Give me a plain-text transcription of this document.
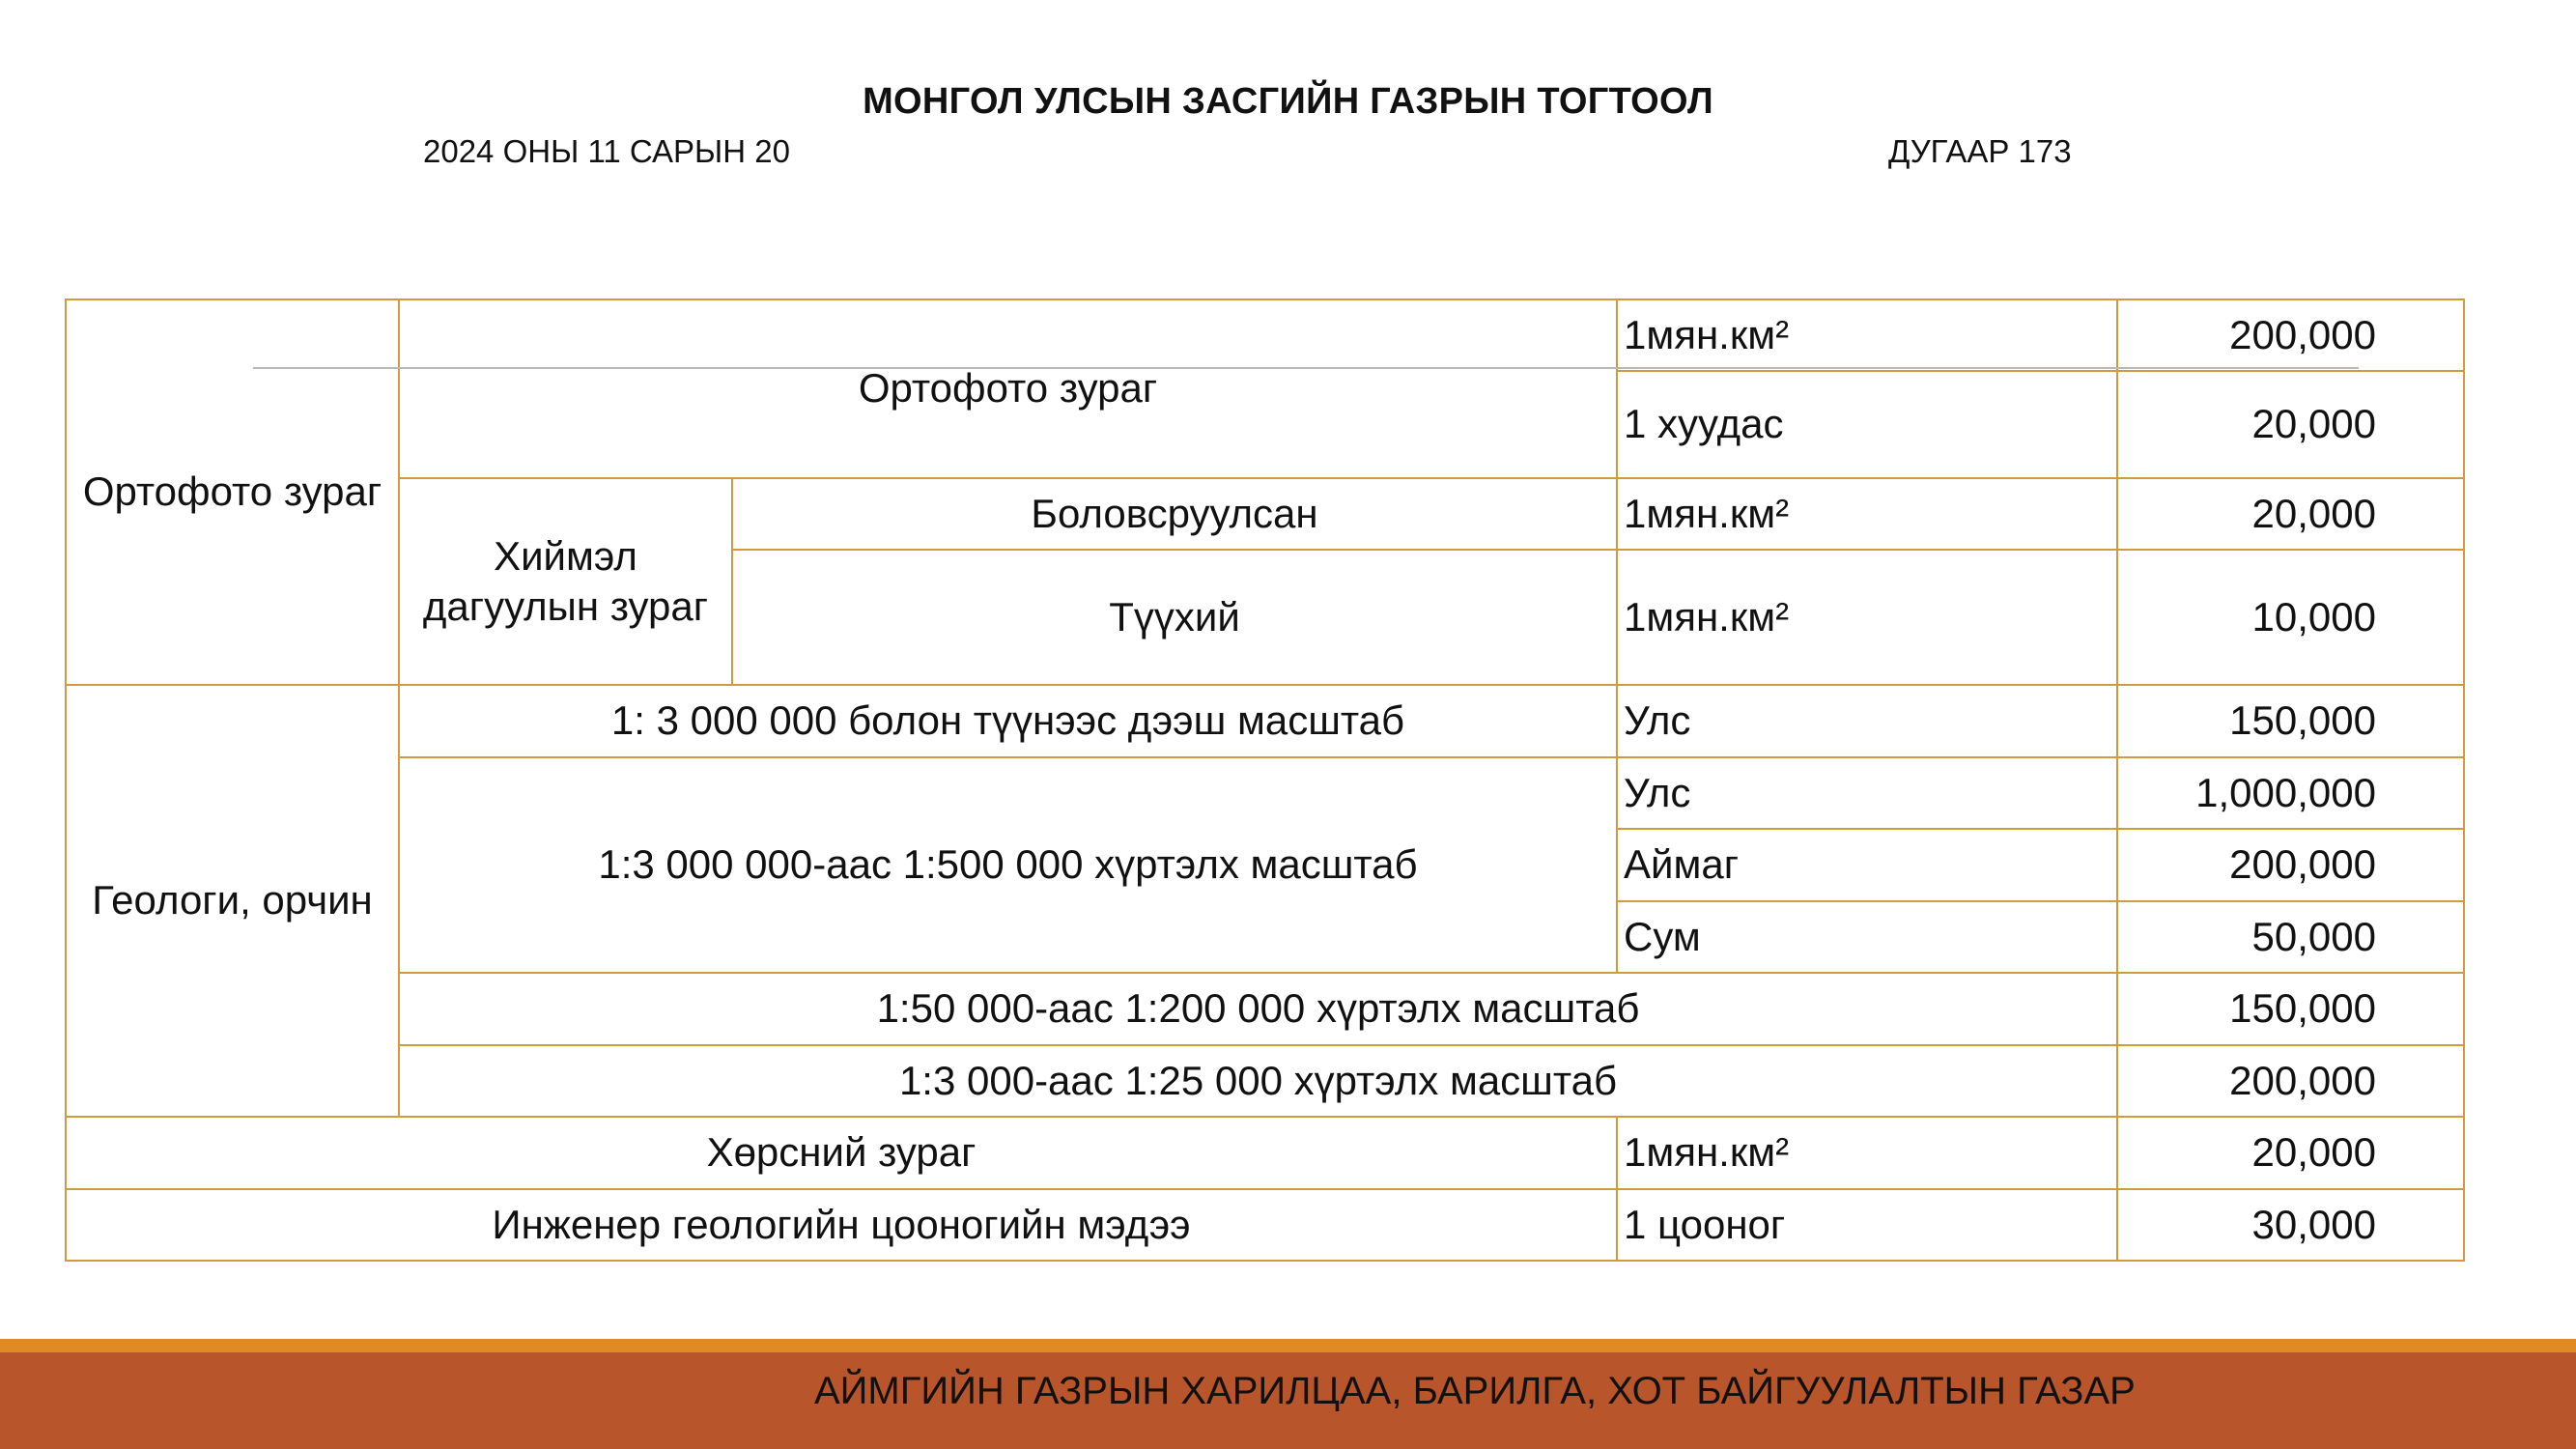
МОНГОЛ УЛСЫН ЗАСГИЙН ГАЗРЫН ТОГТООЛ
2024 ОНЫ 11 САРЫН 20	ДУГААР 173
Ортофото зураг	Ортофото зураг		1мян.км²	200,000
			1 хуудас	20,000
	Хиймэл дагуулын зураг	Боловсруулсан	1мян.км²	20,000
		Түүхий	1мян.км²	10,000
Геологи, орчин	1: 3 000 000 болон түүнээс дээш масштаб		Улс	150,000
	1:3 000 000-аас 1:500 000 хүртэлх масштаб		Улс	1,000,000
			Аймаг	200,000
			Сум	50,000
	1:50 000-аас 1:200 000 хүртэлх масштаб			150,000
	1:3 000-аас 1:25 000 хүртэлх масштаб			200,000
Хөрсний зураг			1мян.км²	20,000
Инженер геологийн цооногийн мэдээ			1 цооног	30,000
АЙМГИЙН ГАЗРЫН ХАРИЛЦАА, БАРИЛГА, ХОТ БАЙГУУЛАЛТЫН ГАЗАР
